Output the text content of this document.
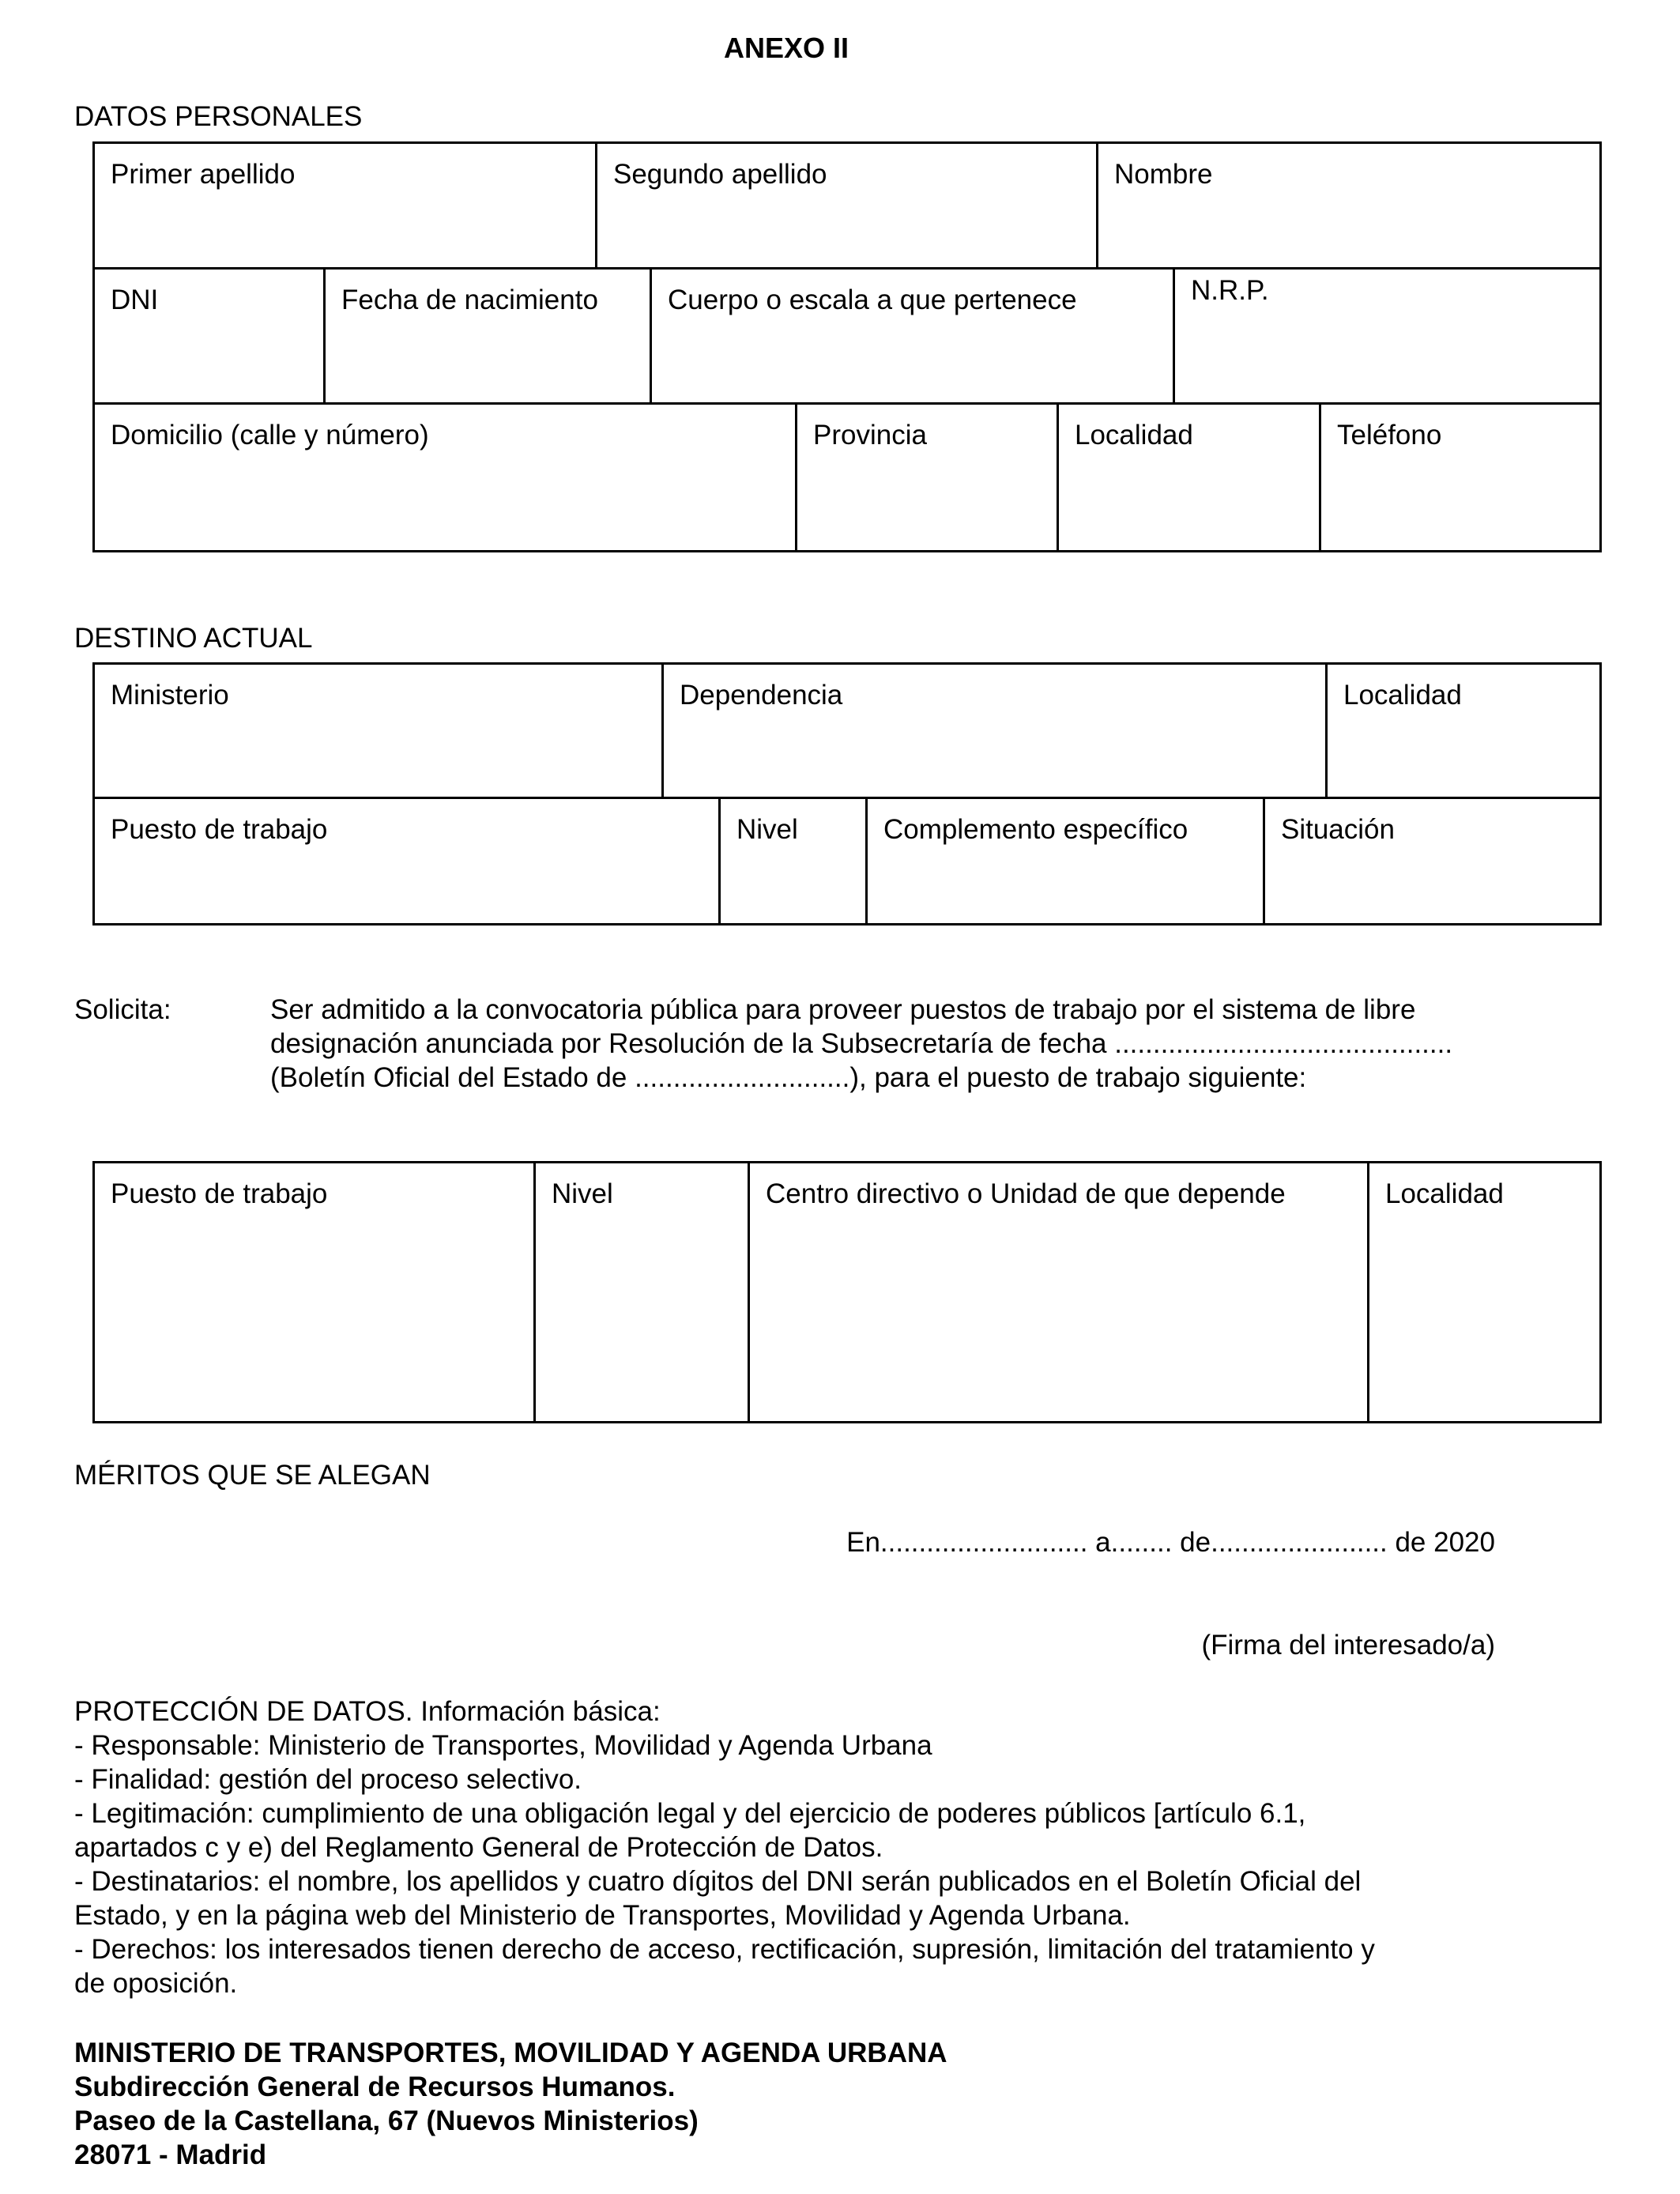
ANEXO II
DATOS PERSONALES
Primer apellido	Segundo apellido	Nombre
DNI	Fecha de nacimiento	Cuerpo o escala a que pertenece	N.R.P.
Domicilio (calle y número)	Provincia	Localidad	Teléfono
DESTINO ACTUAL
Ministerio	Dependencia	Localidad
Puesto de trabajo	Nivel	Complemento específico	Situación
Solicita:	Ser admitido a la convocatoria pública para proveer puestos de trabajo por el sistema de libre
designación anunciada por Resolución de la Subsecretaría de fecha ............................................
(Boletín Oficial del Estado de ............................), para el puesto de trabajo siguiente:
Puesto de trabajo	Nivel	Centro directivo o Unidad de que depende	Localidad
MÉRITOS QUE SE ALEGAN
En........................... a........ de....................... de 2020
(Firma del interesado/a)
PROTECCIÓN DE DATOS. Información básica:
- Responsable: Ministerio de Transportes, Movilidad y Agenda Urbana
- Finalidad: gestión del proceso selectivo.
- Legitimación: cumplimiento de una obligación legal y del ejercicio de poderes públicos [artículo 6.1,
apartados c y e) del Reglamento General de Protección de Datos.
- Destinatarios: el nombre, los apellidos y cuatro dígitos del DNI serán publicados en el Boletín Oficial del
Estado, y en la página web del Ministerio de Transportes, Movilidad y Agenda Urbana.
- Derechos: los interesados tienen derecho de acceso, rectificación, supresión, limitación del tratamiento y
de oposición.
MINISTERIO DE TRANSPORTES, MOVILIDAD Y AGENDA URBANA
Subdirección General de Recursos Humanos.
Paseo de la Castellana, 67 (Nuevos Ministerios)
28071 - Madrid
